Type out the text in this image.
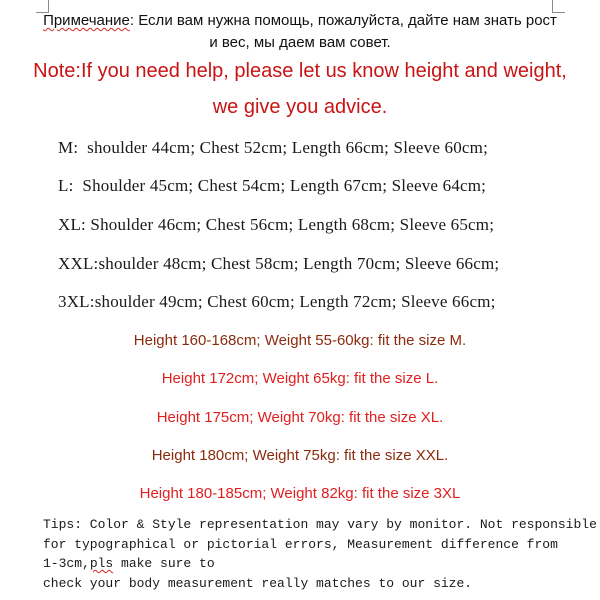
Примечание: Если вам нужна помощь, пожалуйста, дайте нам знать рост
и вес, мы даем вам совет.
Note:If you need help, please let us know height and weight,
we give you advice.
M:  shoulder 44cm; Chest 52cm; Length 66cm; Sleeve 60cm;
L:  Shoulder 45cm; Chest 54cm; Length 67cm; Sleeve 64cm;
XL: Shoulder 46cm; Chest 56cm; Length 68cm; Sleeve 65cm;
XXL:shoulder 48cm; Chest 58cm; Length 70cm; Sleeve 66cm;
3XL:shoulder 49cm; Chest 60cm; Length 72cm; Sleeve 66cm;
Height 160-168cm; Weight 55-60kg: fit the size M.
Height 172cm; Weight 65kg: fit the size L.
Height 175cm; Weight 70kg: fit the size XL.
Height 180cm; Weight 75kg: fit the size XXL.
Height 180-185cm; Weight 82kg: fit the size 3XL
Tips: Color & Style representation may vary by monitor. Not responsible
for typographical or pictorial errors, Measurement difference from
1-3cm,pls make sure to
check your body measurement really matches to our size.
